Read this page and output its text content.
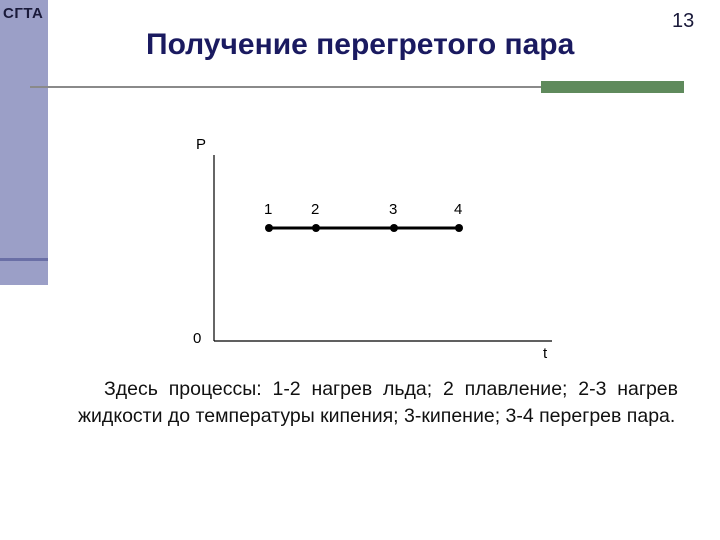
СГТА
Получение перегретого пара
13
P
t
0
1	2	3	4
Здесь процессы: 1-2 нагрев льда; 2 плавление; 2-3 нагрев жидкости до температуры кипения; 3-кипение; 3-4 перегрев пара.
